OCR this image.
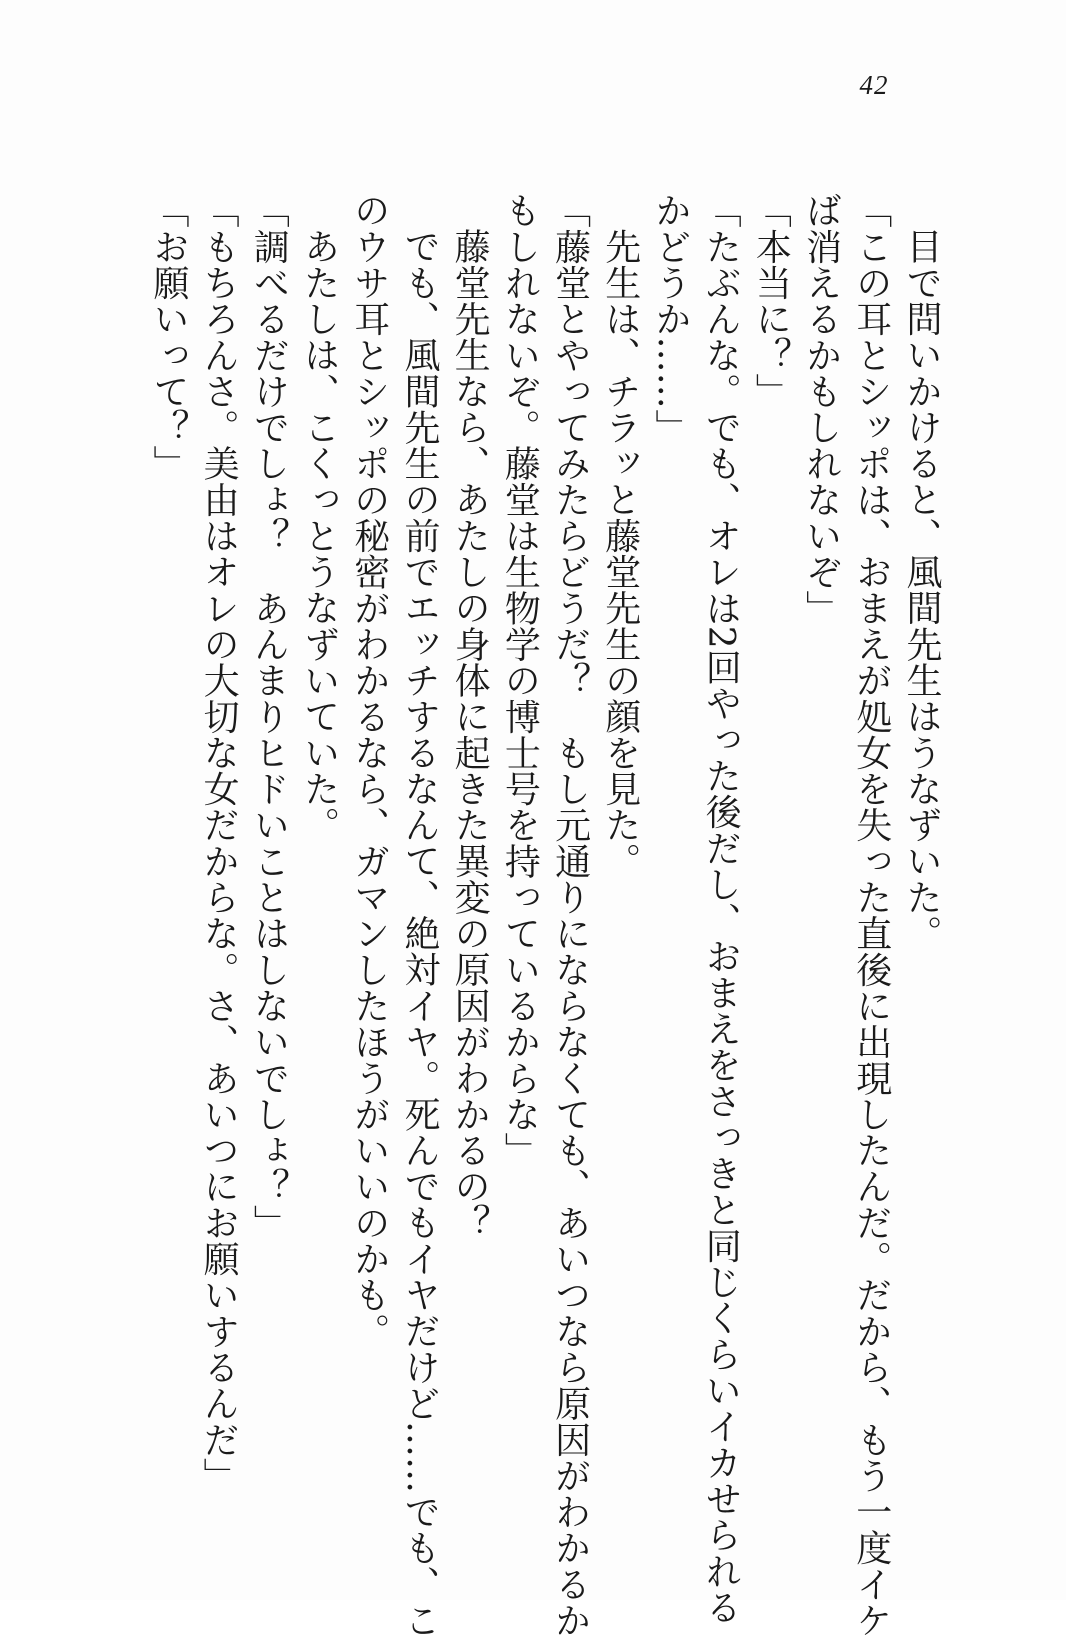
42

目で問いかけると、風間先生はうなずいた。

「この耳とシッポは、おまえが処女を失った直後に出現したんだ。だから、もう一度イケ

ば消えるかもしれないぞ」

「本当に？」

「たぶんな。でも、オレは2回やった後だし、おまえをさっきと同じくらいイカせられる

かどうか……」

先生は、チラッと藤堂先生の顔を見た。

「藤堂とやってみたらどうだ？　もし元通りにならなくても、あいつなら原因がわかるか

もしれないぞ。藤堂は生物学の博士号を持っているからな」

藤堂先生なら、あたしの身体に起きた異変の原因がわかるの？

でも、風間先生の前でエッチするなんて、絶対イヤ。死んでもイヤだけど……でも、こ

のウサ耳とシッポの秘密がわかるなら、ガマンしたほうがいいのかも。

あたしは、こくっとうなずいていた。

「調べるだけでしょ？　あんまりヒドいことはしないでしょ？」

「もちろんさ。美由はオレの大切な女だからな。さ、あいつにお願いするんだ」

「お願いって？」
